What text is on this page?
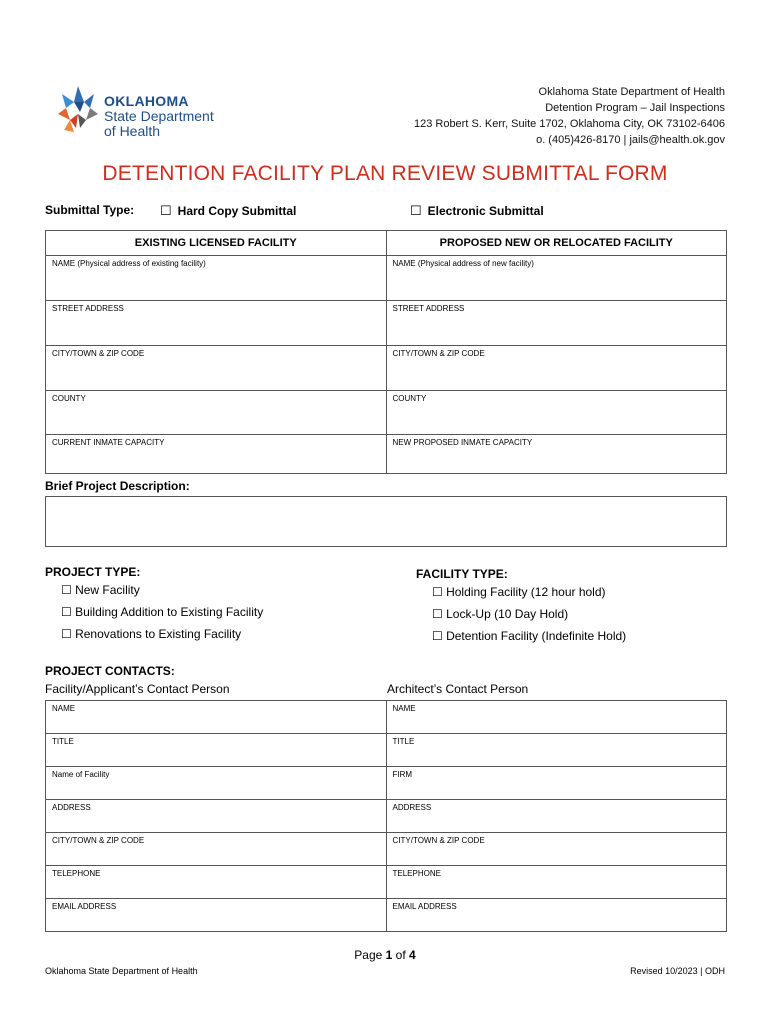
OKLAHOMA
State Department
of Health
Oklahoma State Department of Health
Detention Program – Jail Inspections
123 Robert S. Kerr, Suite 1702, Oklahoma City, OK 73102-6406
o. (405)426-8170 | jails@health.ok.gov
DETENTION FACILITY PLAN REVIEW SUBMITTAL FORM
Submittal Type: ☐ Hard Copy Submittal	☐ Electronic Submittal
EXISTING LICENSED FACILITY	PROPOSED NEW OR RELOCATED FACILITY
NAME (Physical address of existing facility)	NAME (Physical address of new facility)
STREET ADDRESS	STREET ADDRESS
CITY/TOWN & ZIP CODE	CITY/TOWN & ZIP CODE
COUNTY	COUNTY
CURRENT INMATE CAPACITY	NEW PROPOSED INMATE CAPACITY
Brief Project Description:
PROJECT TYPE:
☐ New Facility
☐ Building Addition to Existing Facility
☐ Renovations to Existing Facility
FACILITY TYPE:
☐ Holding Facility (12 hour hold)
☐ Lock-Up (10 Day Hold)
☐ Detention Facility (Indefinite Hold)
PROJECT CONTACTS:
Facility/Applicant’s Contact Person	Architect’s Contact Person
NAME	NAME
TITLE	TITLE
Name of Facility	FIRM
ADDRESS	ADDRESS
CITY/TOWN & ZIP CODE	CITY/TOWN & ZIP CODE
TELEPHONE	TELEPHONE
EMAIL ADDRESS	EMAIL ADDRESS
Page 1 of 4
Oklahoma State Department of Health	Revised 10/2023 | ODH
